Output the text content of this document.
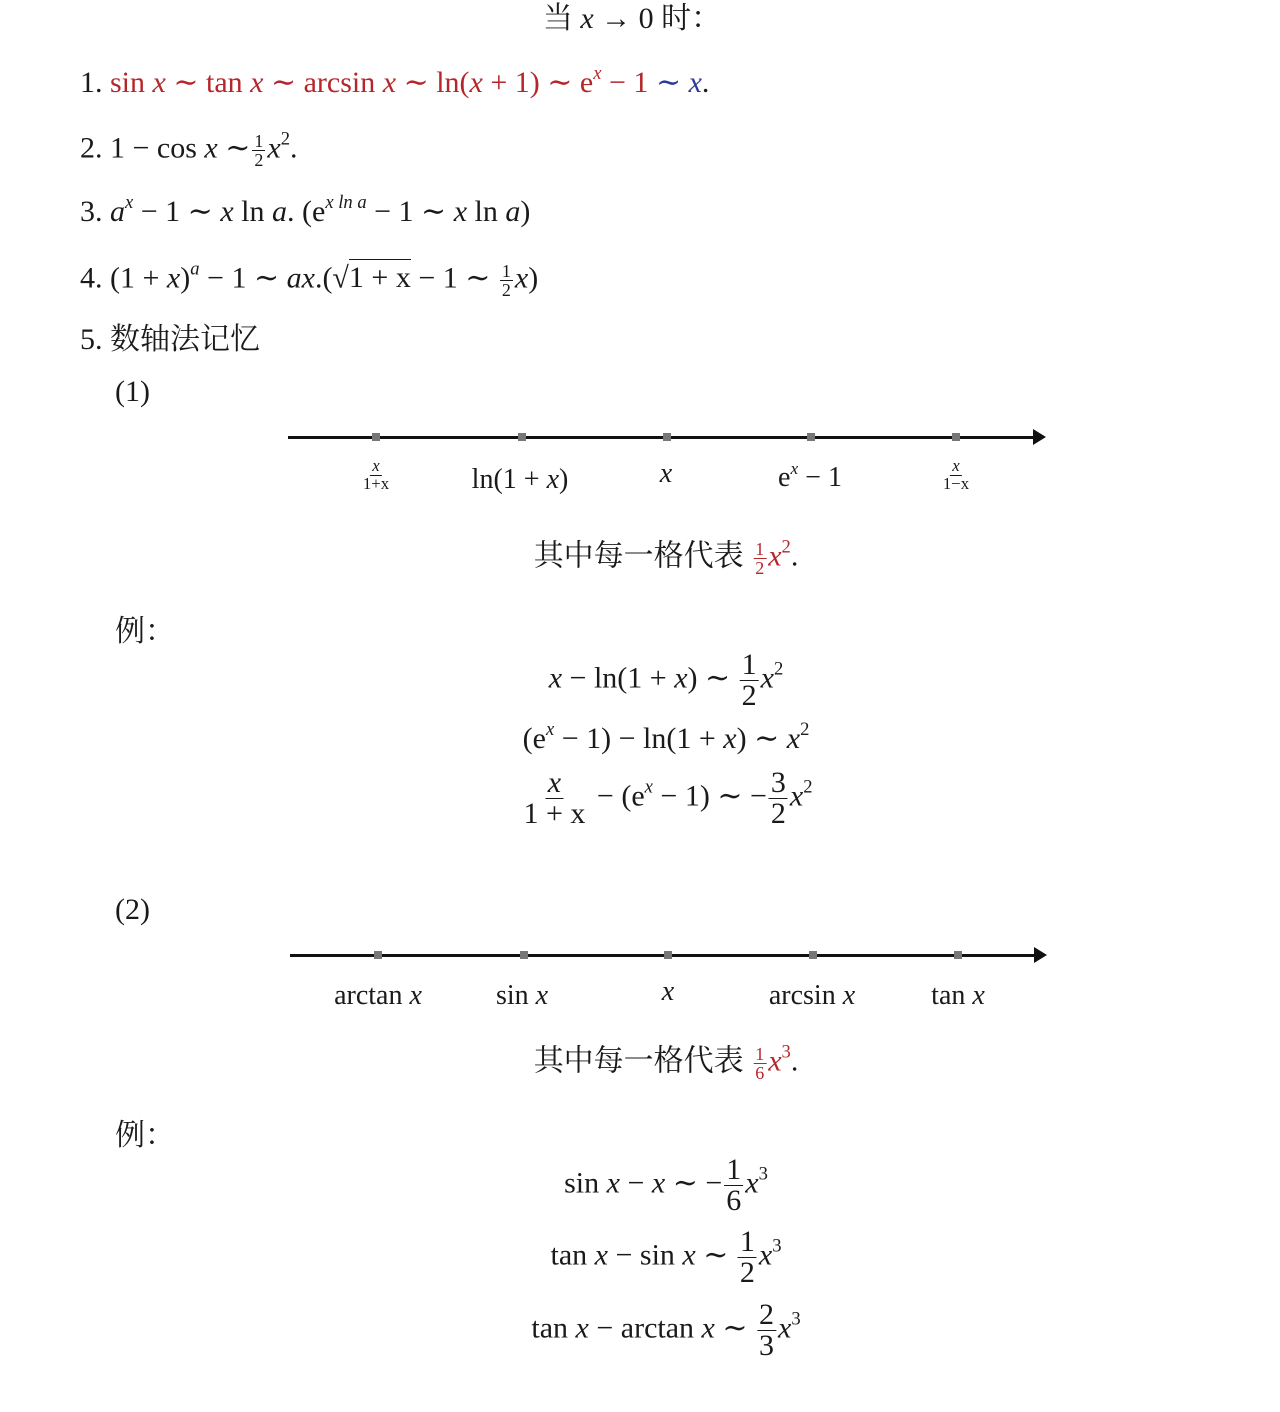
当 x → 0 时：
1. sin x ∼ tan x ∼ arcsin x ∼ ln(x + 1) ∼ $e^x - 1$ ∼ x.
2. 1 − cos x ∼ $\frac{1}{2} x^2$.
3. $a^x - 1$ ∼ x ln a. ($e^{x ln a} - 1$ ∼ x ln a)
4. $(1 + x)^a - 1$ ∼ ax.(√1 + x − 1 ∼ $\frac{1}{2} x$)
5. 数轴法记忆
(1)
$\frac{x}{1+x}$	ln(1 + x)	x	$e^x - 1$	$\frac{x}{1-x}$
其中每一格代表 $\frac{1}{2} x^2$.
例：
x − ln(1 + x) ∼ $\frac{1}{2} x^2$
$(e^x - 1) - \ln(1 + x)$ ∼ $x^2$
$\frac{x}{1 + x} - (e^x - 1)$ ∼ − $\frac{3}{2} x^2$
(2)
arctan x	sin x	x	arcsin x	tan x
其中每一格代表 $\frac{1}{6} x^3$.
例：
sin x − x ∼ − $\frac{1}{6} x^3$
tan x − sin x ∼ $\frac{1}{2} x^3$
tan x − arctan x ∼ $\frac{2}{3} x^3$
